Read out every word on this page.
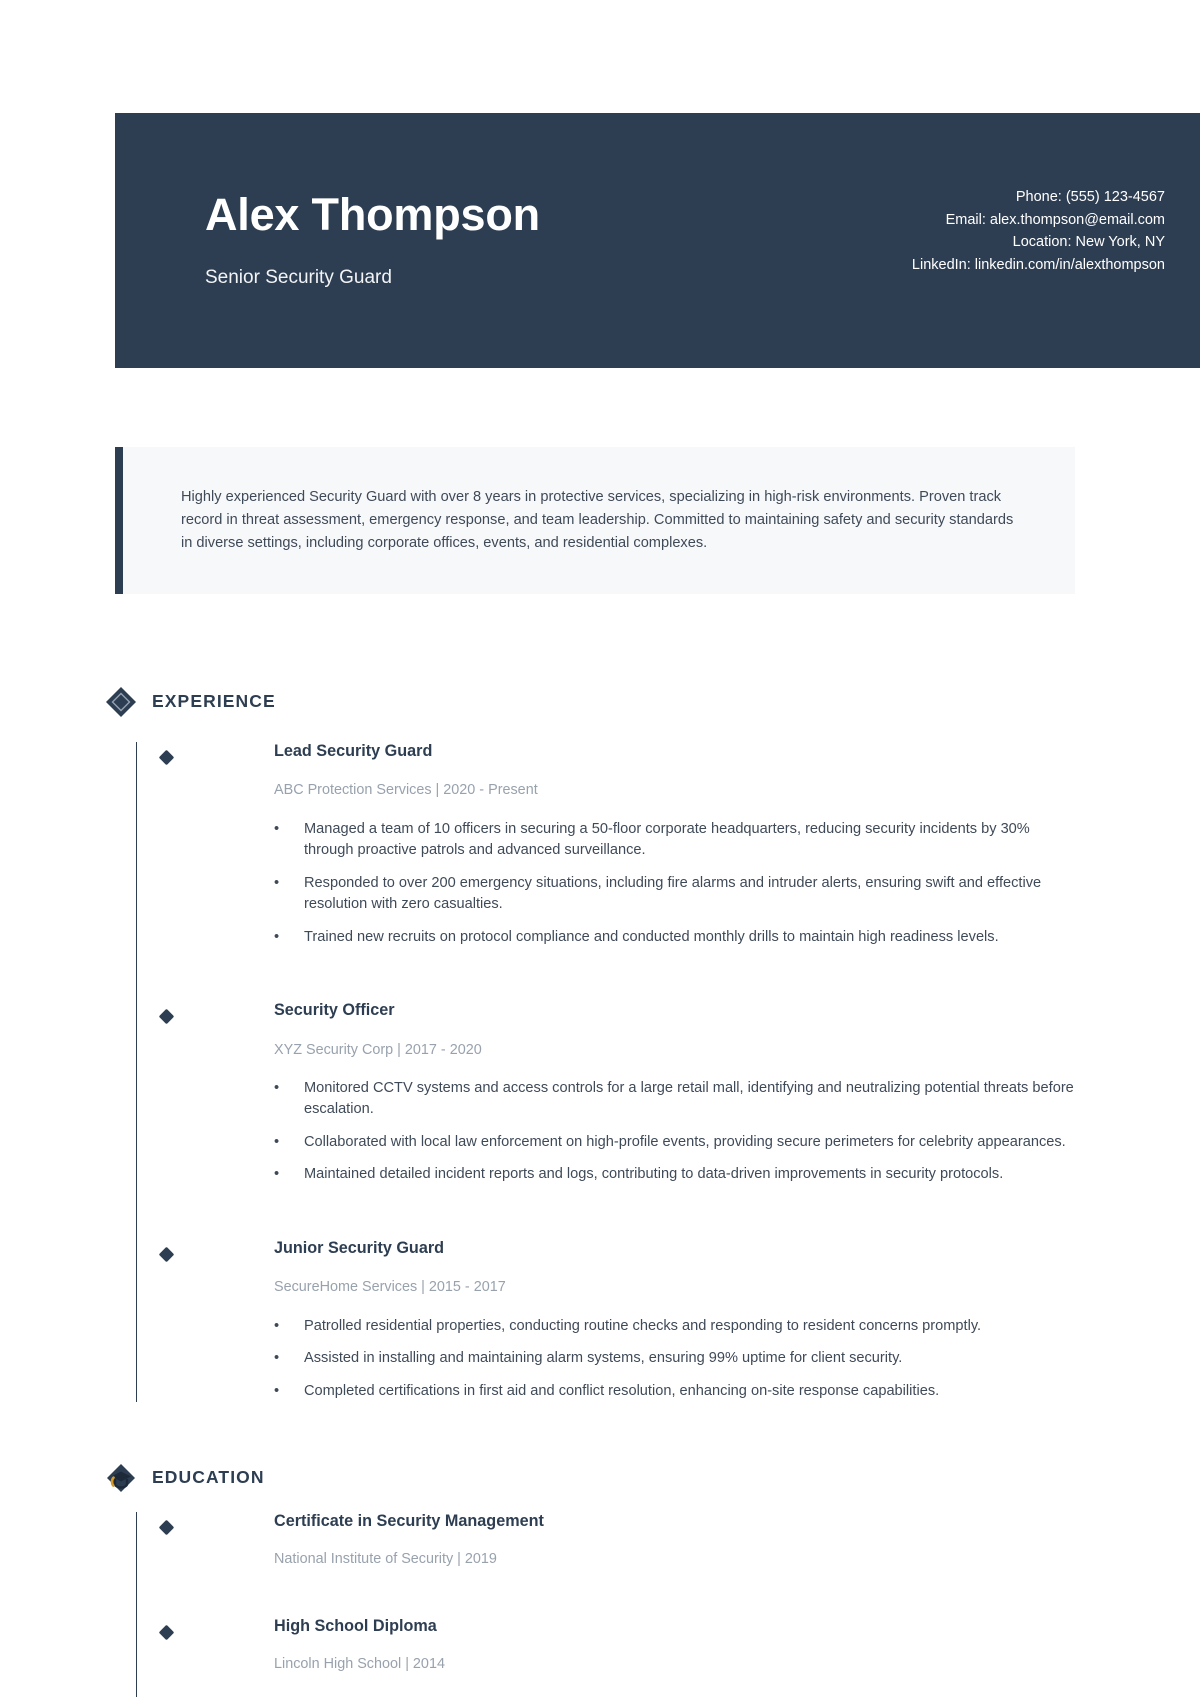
Alex Thompson
Senior Security Guard
Phone: (555) 123-4567
Email: alex.thompson@email.com
Location: New York, NY
LinkedIn: linkedin.com/in/alexthompson

Highly experienced Security Guard with over 8 years in protective services, specializing in high-risk environments. Proven track record in threat assessment, emergency response, and team leadership. Committed to maintaining safety and security standards in diverse settings, including corporate offices, events, and residential complexes.

EXPERIENCE
Lead Security Guard
ABC Protection Services | 2020 - Present
• Managed a team of 10 officers in securing a 50-floor corporate headquarters, reducing security incidents by 30% through proactive patrols and advanced surveillance.
• Responded to over 200 emergency situations, including fire alarms and intruder alerts, ensuring swift and effective resolution with zero casualties.
• Trained new recruits on protocol compliance and conducted monthly drills to maintain high readiness levels.
Security Officer
XYZ Security Corp | 2017 - 2020
• Monitored CCTV systems and access controls for a large retail mall, identifying and neutralizing potential threats before escalation.
• Collaborated with local law enforcement on high-profile events, providing secure perimeters for celebrity appearances.
• Maintained detailed incident reports and logs, contributing to data-driven improvements in security protocols.
Junior Security Guard
SecureHome Services | 2015 - 2017
• Patrolled residential properties, conducting routine checks and responding to resident concerns promptly.
• Assisted in installing and maintaining alarm systems, ensuring 99% uptime for client security.
• Completed certifications in first aid and conflict resolution, enhancing on-site response capabilities.
EDUCATION
Certificate in Security Management
National Institute of Security | 2019
High School Diploma
Lincoln High School | 2014
